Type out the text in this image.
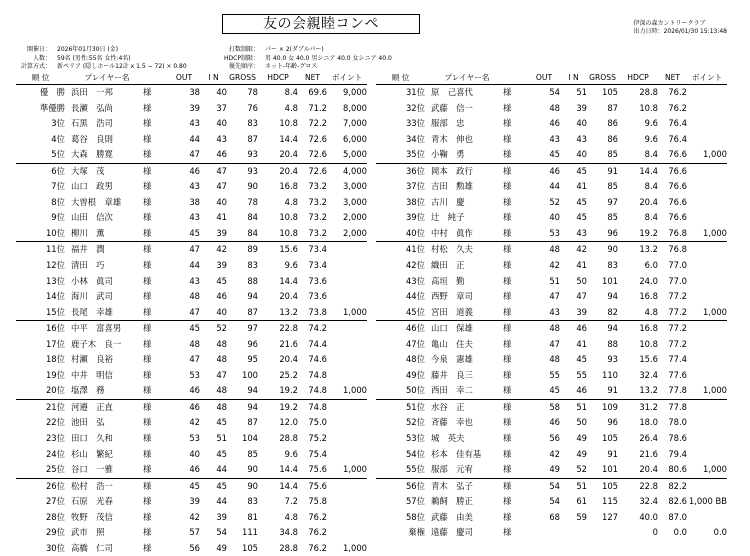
友の会親睦コンペ	伊深の森カントリークラブ
出力日時：2026/01/30 15:13:48
開催日： 2026年01月30日 (金)
人数： 59名 (男性:55名 女性:4名)
計算方式： 新ペリア (隠しホール12計 x 1.5 − 72) × 0.80
打数制限： パー × 2(ダブルパー)
HDCP制限： 男 40.0 女 40.0 男シニア 40.0 女シニア 40.0
優先順序： ネット-年齢-グロス
順 位	プレイヤー名		OUT	I N	GROSS	HDCP	NET	ポイント
優　勝	浜田　一邦	様	38	40	78	8.4	69.6	9,000
準優勝	長瀬　弘尚	様	39	37	76	4.8	71.2	8,000
3位	石黒　浩司	様	43	40	83	10.8	72.2	7,000
4位	葛谷　良則	様	44	43	87	14.4	72.6	6,000
5位	大森　勝寛	様	47	46	93	20.4	72.6	5,000
6位	大塚　茂	様	46	47	93	20.4	72.6	4,000
7位	山口　政男	様	43	47	90	16.8	73.2	3,000
8位	大曽根　章雄	様	38	40	78	4.8	73.2	3,000
9位	山田　信次	様	43	41	84	10.8	73.2	2,000
10位	柳川　薫	様	45	39	84	10.8	73.2	2,000
11位	福井　潤	様	47	42	89	15.6	73.4	
12位	清田　巧	様	44	39	83	9.6	73.4	
13位	小林　眞司	様	43	45	88	14.4	73.6	
14位	海川　武司	様	48	46	94	20.4	73.6	
15位	長尾　幸雄	様	47	40	87	13.2	73.8	1,000
16位	中平　富喜男	様	45	52	97	22.8	74.2	
17位	鹿子木　良一	様	48	48	96	21.6	74.4	
18位	村瀬　良裕	様	47	48	95	20.4	74.6	
19位	中井　明信	様	53	47	100	25.2	74.8	
20位	塩澤　務	様	46	48	94	19.2	74.8	1,000
21位	河邉　正直	様	46	48	94	19.2	74.8	
22位	池田　弘	様	42	45	87	12.0	75.0	
23位	田口　久和	様	53	51	104	28.8	75.2	
24位	杉山　繁紀	様	40	45	85	9.6	75.4	
25位	谷口　一雅	様	46	44	90	14.4	75.6	1,000
26位	松村　浩一	様	45	45	90	14.4	75.6	
27位	石原　光春	様	39	44	83	7.2	75.8	
28位	牧野　茂信	様	42	39	81	4.8	76.2	
29位	武市　照	様	57	54	111	34.8	76.2	
30位	高橋　仁司	様	56	49	105	28.8	76.2	1,000
順 位	プレイヤー名		OUT	I N	GROSS	HDCP	NET	ポイント
31位	原　己喜代	様	54	51	105	28.8	76.2	
32位	武藤　信一	様	48	39	87	10.8	76.2	
33位	服部　忠	様	46	40	86	9.6	76.4	
34位	青木　伸也	様	43	43	86	9.6	76.4	
35位	小鞠　勇	様	45	40	85	8.4	76.6	1,000
36位	岡本　政行	様	46	45	91	14.4	76.6	
37位	吉田　勲雄	様	44	41	85	8.4	76.6	
38位	古川　慶	様	52	45	97	20.4	76.6	
39位	辻　純子	様	40	45	85	8.4	76.6	
40位	中村　眞作	様	53	43	96	19.2	76.8	1,000
41位	村松　久夫	様	48	42	90	13.2	76.8	
42位	織田　正	様	42	41	83	6.0	77.0	
43位	高垣　勤	様	51	50	101	24.0	77.0	
44位	西野　章司	様	47	47	94	16.8	77.2	
45位	宮田　道義	様	43	39	82	4.8	77.2	1,000
46位	山口　保雄	様	48	46	94	16.8	77.2	
47位	亀山　住夫	様	47	41	88	10.8	77.2	
48位	今泉　憲雄	様	48	45	93	15.6	77.4	
49位	藤井　良三	様	55	55	110	32.4	77.6	
50位	西田　幸二	様	45	46	91	13.2	77.8	1,000
51位	水谷　正	様	58	51	109	31.2	77.8	
52位	斉藤　幸也	様	46	50	96	18.0	78.0	
53位	城　英夫	様	56	49	105	26.4	78.6	
54位	杉本　佳有基	様	42	49	91	21.6	79.4	
55位	服部　元宥	様	49	52	101	20.4	80.6	1,000
56位	青木　弘子	様	54	51	105	22.8	82.2	
57位	鵜飼　勝正	様	54	61	115	32.4	82.6	1,000 BB
58位	武藤　由美	様	68	59	127	40.0	87.0	
棄権	遠藤　慶司	様				0	0.0	0.0
